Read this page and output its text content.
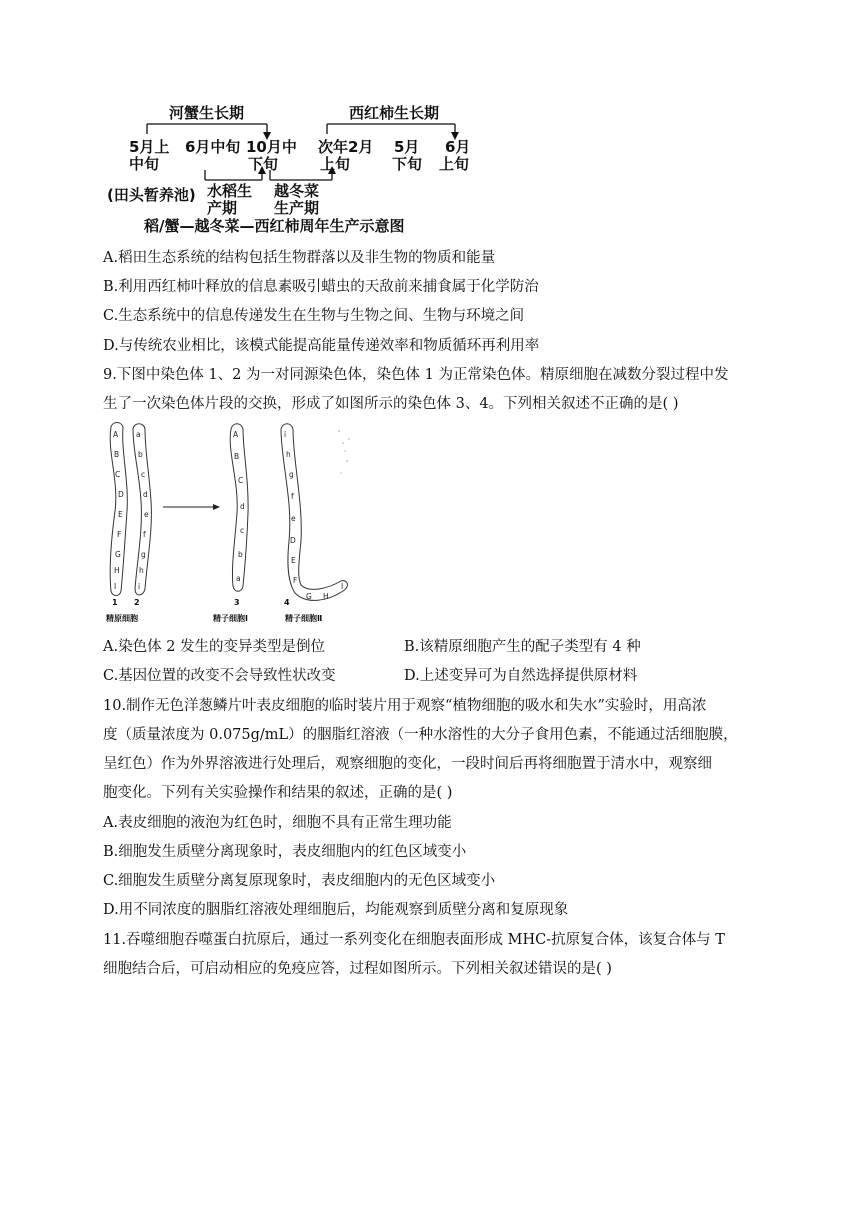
河蟹生长期	西红柿生长期
5月上
中旬
6月中旬 10月中
下旬
次年2月
上旬
5月
下旬
6月
上旬
(田头暂养池) 水稻生
产期
越冬菜
生产期
稻/蟹—越冬菜—西红柿周年生产示意图
A.稻田生态系统的结构包括生物群落以及非生物的物质和能量
B.利用西红柿叶释放的信息素吸引蜡虫的天敌前来捕食属于化学防治
C.生态系统中的信息传递发生在生物与生物之间、生物与环境之间
D.与传统农业相比，该模式能提高能量传递效率和物质循环再利用率
9.下图中染色体 1、2 为一对同源染色体，染色体 1 为正常染色体。精原细胞在减数分裂过程中发
生了一次染色体片段的交换，形成了如图所示的染色体 3、4。下列相关叙述不正确的是( )
A
B
C
D
E
F
G
H
I
a
b
c
d
e
f
g
h
i
A
B
C
d
c
b
a
i
h
g
f
e
D
E
F
G H
I
1 2	3	4
精原细胞	精子细胞Ⅰ	精子细胞Ⅱ
A.染色体 2 发生的变异类型是倒位	B.该精原细胞产生的配子类型有 4 种
C.基因位置的改变不会导致性状改变	D.上述变异可为自然选择提供原材料
10.制作无色洋葱鳞片叶表皮细胞的临时装片用于观察“植物细胞的吸水和失水”实验时，用高浓
度（质量浓度为 0.075g/mL）的胭脂红溶液（一种水溶性的大分子食用色素，不能通过活细胞膜，
呈红色）作为外界溶液进行处理后，观察细胞的变化，一段时间后再将细胞置于清水中，观察细
胞变化。下列有关实验操作和结果的叙述，正确的是( )
A.表皮细胞的液泡为红色时，细胞不具有正常生理功能
B.细胞发生质壁分离现象时，表皮细胞内的红色区域变小
C.细胞发生质壁分离复原现象时，表皮细胞内的无色区域变小
D.用不同浓度的胭脂红溶液处理细胞后，均能观察到质壁分离和复原现象
11.吞噬细胞吞噬蛋白抗原后，通过一系列变化在细胞表面形成 MHC-抗原复合体，该复合体与 T
细胞结合后，可启动相应的免疫应答，过程如图所示。下列相关叙述错误的是( )
